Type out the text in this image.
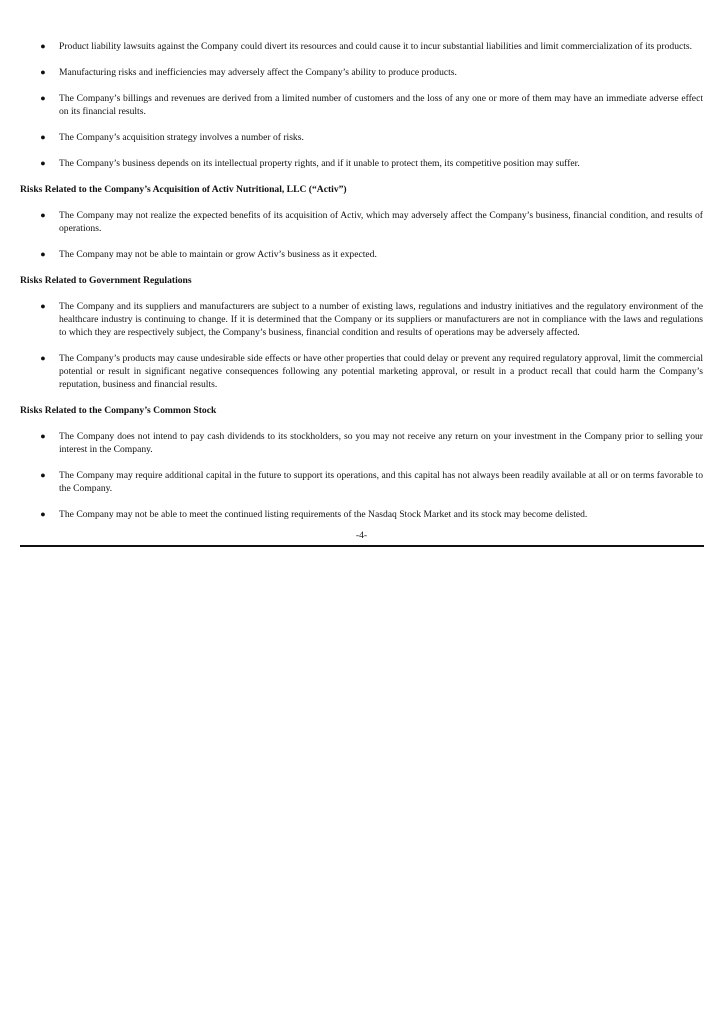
● Product liability lawsuits against the Company could divert its resources and could cause it to incur substantial liabilities and limit commercialization of its products.
● Manufacturing risks and inefficiencies may adversely affect the Company’s ability to produce products.
● The Company’s billings and revenues are derived from a limited number of customers and the loss of any one or more of them may have an immediate adverse effect on its financial results.
● The Company’s acquisition strategy involves a number of risks.
● The Company’s business depends on its intellectual property rights, and if it unable to protect them, its competitive position may suffer.

Risks Related to the Company’s Acquisition of Activ Nutritional, LLC (“Activ”)

● The Company may not realize the expected benefits of its acquisition of Activ, which may adversely affect the Company’s business, financial condition, and results of operations.
● The Company may not be able to maintain or grow Activ’s business as it expected.

Risks Related to Government Regulations

● The Company and its suppliers and manufacturers are subject to a number of existing laws, regulations and industry initiatives and the regulatory environment of the healthcare industry is continuing to change. If it is determined that the Company or its suppliers or manufacturers are not in compliance with the laws and regulations to which they are respectively subject, the Company’s business, financial condition and results of operations may be adversely affected.
● The Company’s products may cause undesirable side effects or have other properties that could delay or prevent any required regulatory approval, limit the commercial potential or result in significant negative consequences following any potential marketing approval, or result in a product recall that could harm the Company’s reputation, business and financial results.

Risks Related to the Company’s Common Stock

● The Company does not intend to pay cash dividends to its stockholders, so you may not receive any return on your investment in the Company prior to selling your interest in the Company.
● The Company may require additional capital in the future to support its operations, and this capital has not always been readily available at all or on terms favorable to the Company.
● The Company may not be able to meet the continued listing requirements of the Nasdaq Stock Market and its stock may become delisted.
-4-
